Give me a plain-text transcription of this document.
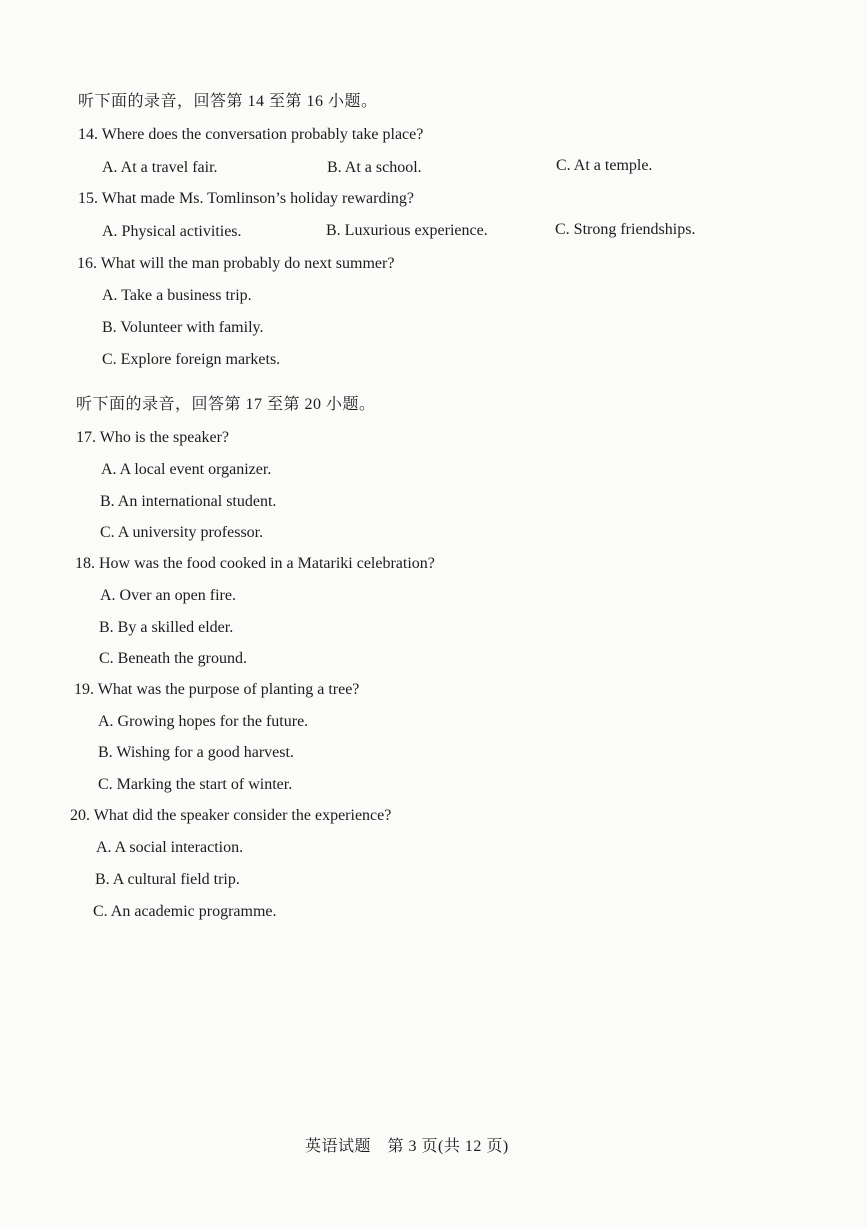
听下面的录音，回答第 14 至第 16 小题。
14. Where does the conversation probably take place?
A. At a travel fair.	B. At a school.	C. At a temple.
15. What made Ms. Tomlinson’s holiday rewarding?
A. Physical activities.	B. Luxurious experience.	C. Strong friendships.
16. What will the man probably do next summer?
A. Take a business trip.
B. Volunteer with family.
C. Explore foreign markets.
听下面的录音，回答第 17 至第 20 小题。
17. Who is the speaker?
A. A local event organizer.
B. An international student.
C. A university professor.
18. How was the food cooked in a Matariki celebration?
A. Over an open fire.
B. By a skilled elder.
C. Beneath the ground.
19. What was the purpose of planting a tree?
A. Growing hopes for the future.
B. Wishing for a good harvest.
C. Marking the start of winter.
20. What did the speaker consider the experience?
A. A social interaction.
B. A cultural field trip.
C. An academic programme.
英语试题　第 3 页(共 12 页)
